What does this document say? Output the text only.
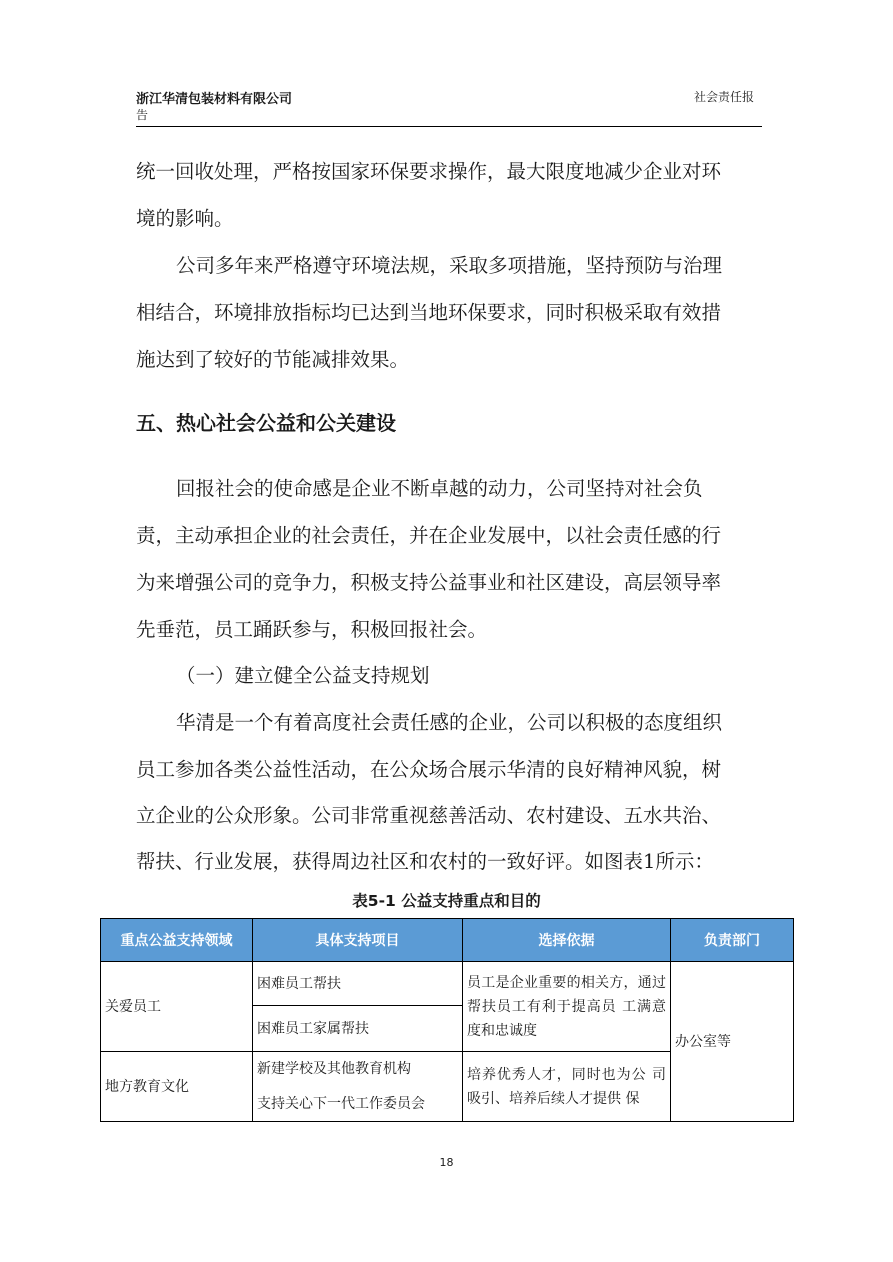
浙江华清包装材料有限公司
告
社会责任报
统一回收处理，严格按国家环保要求操作，最大限度地减少企业对环
境的影响。
公司多年来严格遵守环境法规，采取多项措施，坚持预防与治理
相结合，环境排放指标均已达到当地环保要求，同时积极采取有效措
施达到了较好的节能减排效果。
五、热心社会公益和公关建设
回报社会的使命感是企业不断卓越的动力，公司坚持对社会负
责，主动承担企业的社会责任，并在企业发展中，以社会责任感的行
为来增强公司的竞争力，积极支持公益事业和社区建设，高层领导率
先垂范，员工踊跃参与，积极回报社会。
（一）建立健全公益支持规划
华清是一个有着高度社会责任感的企业，公司以积极的态度组织
员工参加各类公益性活动，在公众场合展示华清的良好精神风貌，树
立企业的公众形象。公司非常重视慈善活动、农村建设、五水共治、
帮扶、行业发展，获得周边社区和农村的一致好评。如图表1所示：
表5-1 公益支持重点和目的
重点公益支持领域	具体支持项目	选择依据	负责部门
关爱员工	困难员工帮扶	员工是企业重要的相关方，通过帮扶员工有利于提高员 工满意度和忠诚度	办公室等
	困难员工家属帮扶		
地方教育文化	新建学校及其他教育机构	培养优秀人才，同时也为公 司吸引、培养后续人才提供 保	
	支持关心下一代工作委员会		
18
